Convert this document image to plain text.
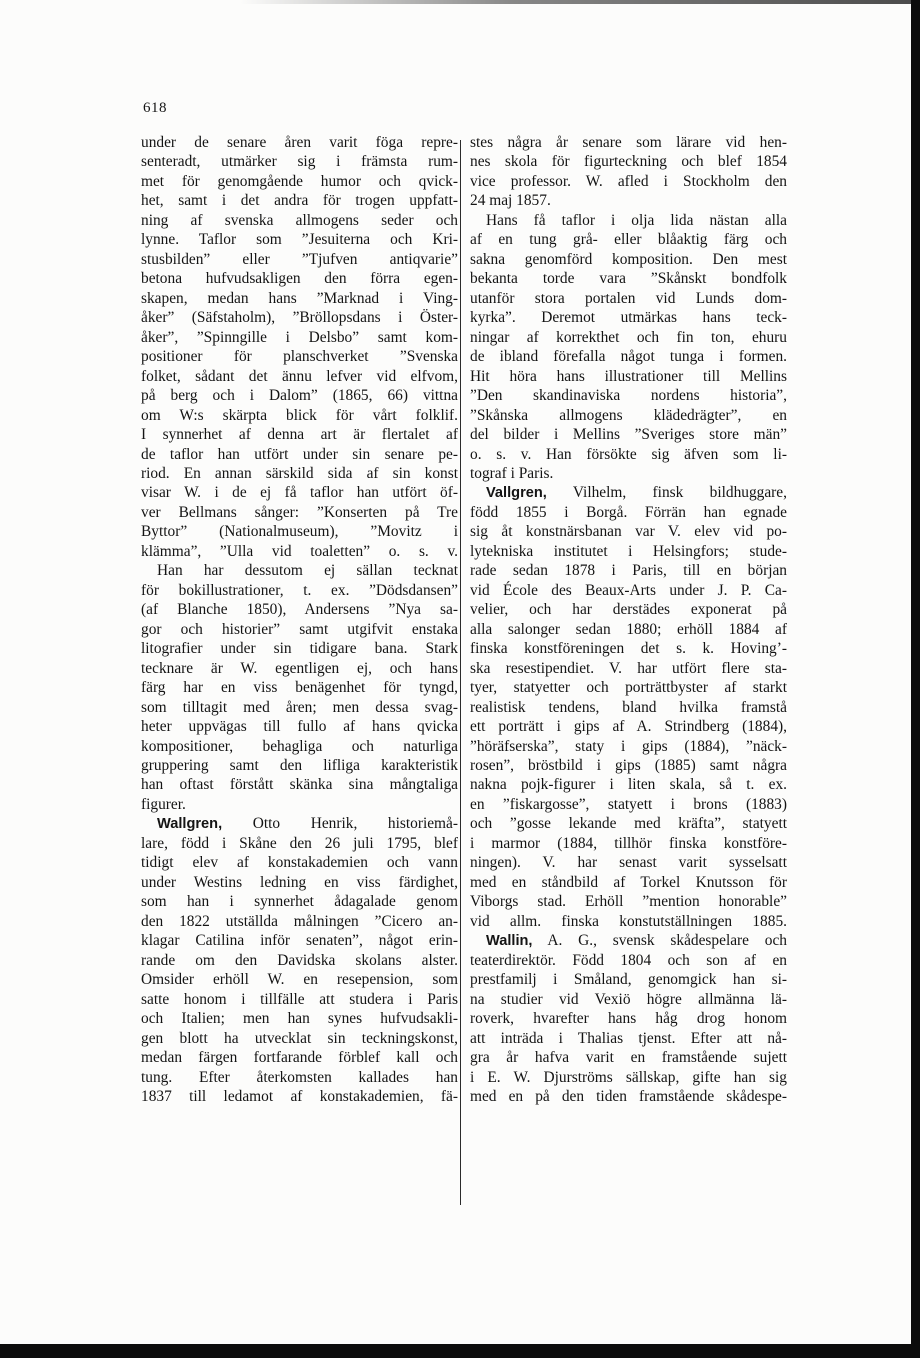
618
under de senare åren varit föga repre-
senteradt, utmärker sig i främsta rum-
met för genomgående humor och qvick-
het, samt i det andra för trogen uppfatt-
ning af svenska allmogens seder och
lynne. Taflor som ”Jesuiterna och Kri-
stusbilden” eller ”Tjufven antiqvarie”
betona hufvudsakligen den förra egen-
skapen, medan hans ”Marknad i Ving-
åker” (Säfstaholm), ”Bröllopsdans i Öster-
åker”, ”Spinngille i Delsbo” samt kom-
positioner för planschverket ”Svenska
folket, sådant det ännu lefver vid elfvom,
på berg och i Dalom” (1865, 66) vittna
om W:s skärpta blick för vårt folklif.
I synnerhet af denna art är flertalet af
de taflor han utfört under sin senare pe-
riod. En annan särskild sida af sin konst
visar W. i de ej få taflor han utfört öf-
ver Bellmans sånger: ”Konserten på Tre
Byttor” (Nationalmuseum), ”Movitz i
klämma”, ”Ulla vid toaletten” o. s. v.
Han har dessutom ej sällan tecknat
för bokillustrationer, t. ex. ”Dödsdansen”
(af Blanche 1850), Andersens ”Nya sa-
gor och historier” samt utgifvit enstaka
litografier under sin tidigare bana. Stark
tecknare är W. egentligen ej, och hans
färg har en viss benägenhet för tyngd,
som tilltagit med åren; men dessa svag-
heter uppvägas till fullo af hans qvicka
kompositioner, behagliga och naturliga
gruppering samt den lifliga karakteristik
han oftast förstått skänka sina mångtaliga
figurer.
Wallgren, Otto Henrik, historiemå-
lare, född i Skåne den 26 juli 1795, blef
tidigt elev af konstakademien och vann
under Westins ledning en viss färdighet,
som han i synnerhet ådagalade genom
den 1822 utställda målningen ”Cicero an-
klagar Catilina inför senaten”, något erin-
rande om den Davidska skolans alster.
Omsider erhöll W. en resepension, som
satte honom i tillfälle att studera i Paris
och Italien; men han synes hufvudsakli-
gen blott ha utvecklat sin teckningskonst,
medan färgen fortfarande förblef kall och
tung. Efter återkomsten kallades han
1837 till ledamot af konstakademien, fä-
stes några år senare som lärare vid hen-
nes skola för figurteckning och blef 1854
vice professor. W. afled i Stockholm den
24 maj 1857.
Hans få taflor i olja lida nästan alla
af en tung grå- eller blåaktig färg och
sakna genomförd komposition. Den mest
bekanta torde vara ”Skånskt bondfolk
utanför stora portalen vid Lunds dom-
kyrka”. Deremot utmärkas hans teck-
ningar af korrekthet och fin ton, ehuru
de ibland förefalla något tunga i formen.
Hit höra hans illustrationer till Mellins
”Den skandinaviska nordens historia”,
”Skånska allmogens klädedrägter”, en
del bilder i Mellins ”Sveriges store män”
o. s. v. Han försökte sig äfven som li-
tograf i Paris.
Vallgren, Vilhelm, finsk bildhuggare,
född 1855 i Borgå. Förrän han egnade
sig åt konstnärsbanan var V. elev vid po-
lytekniska institutet i Helsingfors; stude-
rade sedan 1878 i Paris, till en början
vid École des Beaux-Arts under J. P. Ca-
velier, och har derstädes exponerat på
alla salonger sedan 1880; erhöll 1884 af
finska konstföreningen det s. k. Hoving’-
ska resestipendiet. V. har utfört flere sta-
tyer, statyetter och porträttbyster af starkt
realistisk tendens, bland hvilka framstå
ett porträtt i gips af A. Strindberg (1884),
”höräfserska”, staty i gips (1884), ”näck-
rosen”, bröstbild i gips (1885) samt några
nakna pojk-figurer i liten skala, så t. ex.
en ”fiskargosse”, statyett i brons (1883)
och ”gosse lekande med kräfta”, statyett
i marmor (1884, tillhör finska konstföre-
ningen). V. har senast varit sysselsatt
med en ståndbild af Torkel Knutsson för
Viborgs stad. Erhöll ”mention honorable”
vid allm. finska konstutställningen 1885.
Wallin, A. G., svensk skådespelare och
teaterdirektör. Född 1804 och son af en
prestfamilj i Småland, genomgick han si-
na studier vid Vexiö högre allmänna lä-
roverk, hvarefter hans håg drog honom
att inträda i Thalias tjenst. Efter att nå-
gra år hafva varit en framstående sujett
i E. W. Djurströms sällskap, gifte han sig
med en på den tiden framstående skådespe-
